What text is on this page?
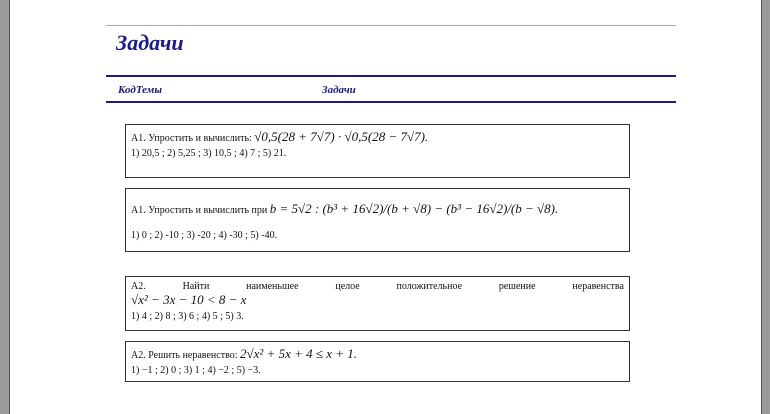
Задачи
КодТемы	Задачи
A1. Упростить и вычислить: √0,5(28 + 7√7) · √0,5(28 − 7√7).
1) 20,5 ; 2) 5,25 ; 3) 10,5 ; 4) 7 ; 5) 21.
A1. Упростить и вычислить при b = 5√2 : (b³ + 16√2)/(b + √8) − (b³ − 16√2)/(b − √8).
1) 0 ; 2) -10 ; 3) -20 ; 4) -30 ; 5) -40.
A2.	Найти	наименьшее	целое	положительное	решение	неравенства
√x² − 3x − 10 < 8 − x
1) 4 ; 2) 8 ; 3) 6 ; 4) 5 ; 5) 3.
A2. Решить неравенство: 2√x² + 5x + 4 ≤ x + 1.
1) −1 ; 2) 0 ; 3) 1 ; 4) −2 ; 5) −3.
